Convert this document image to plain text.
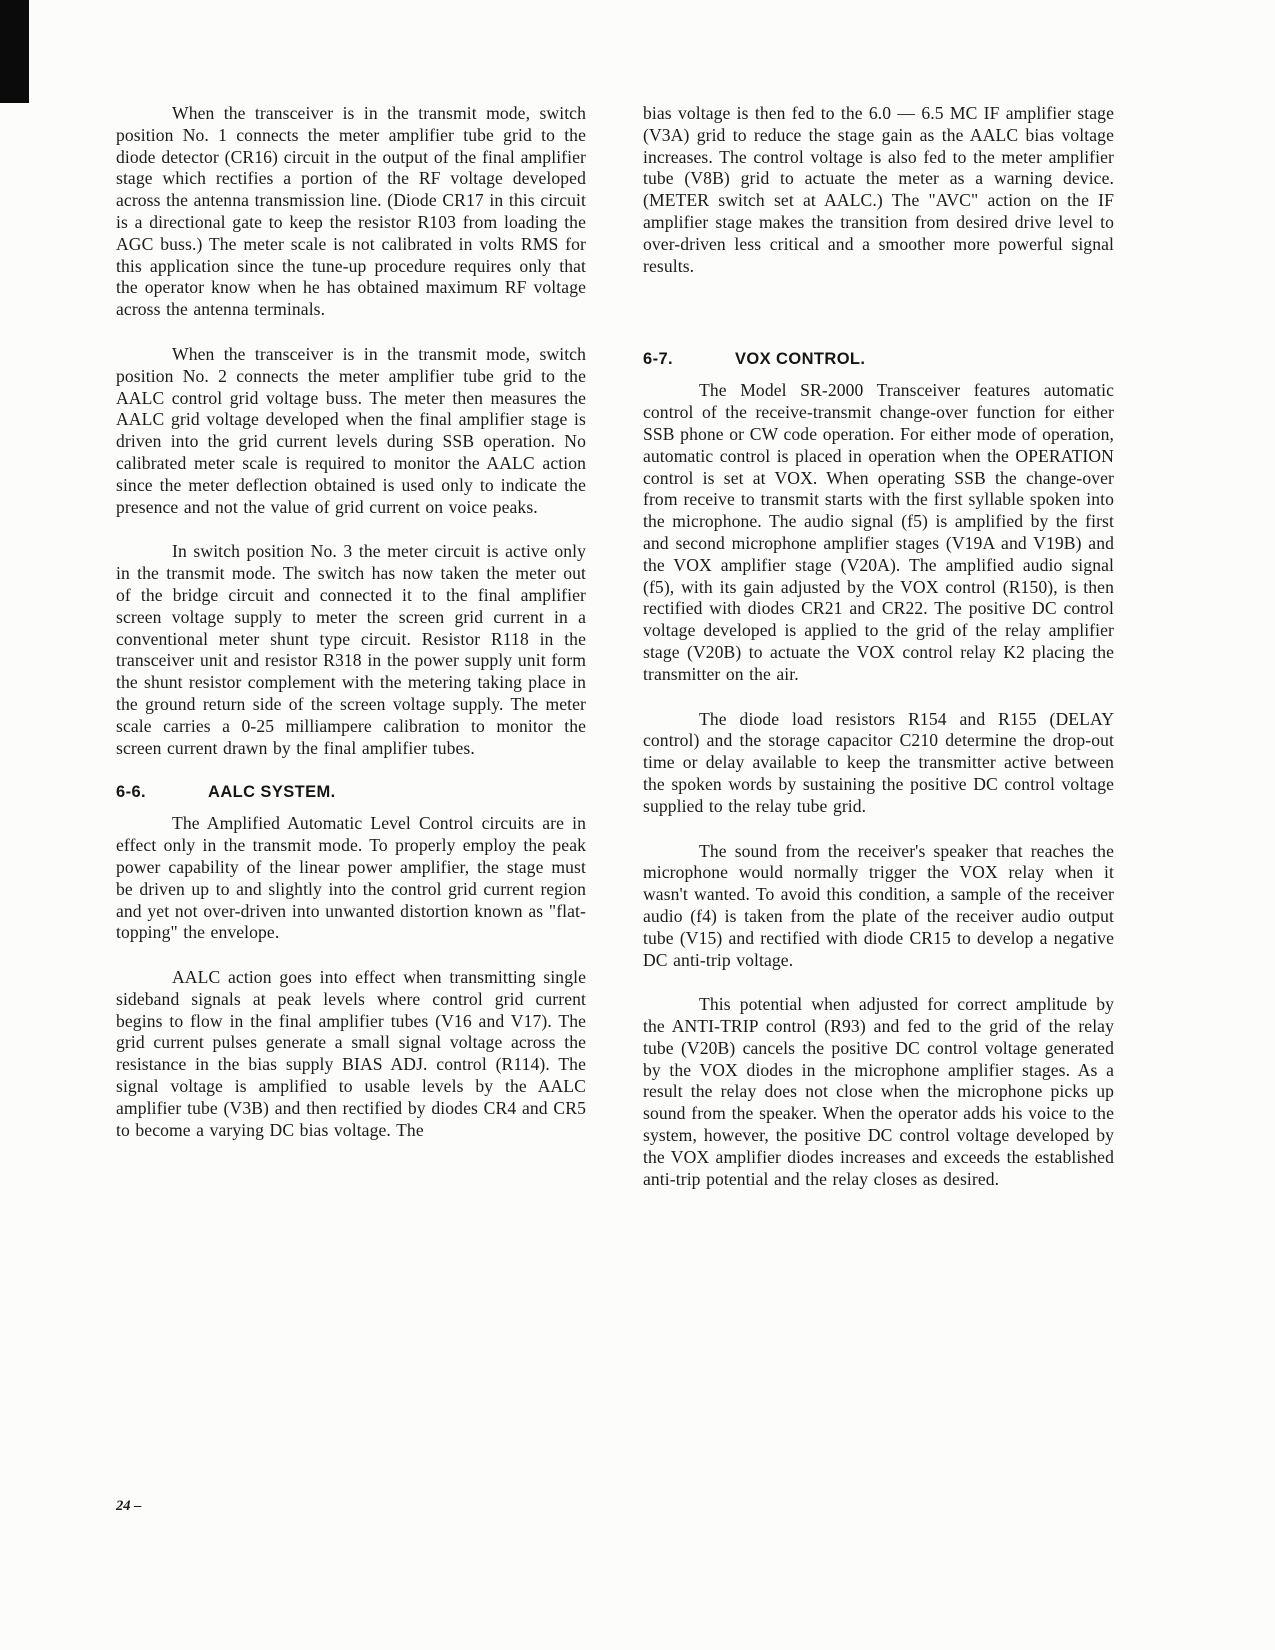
When the transceiver is in the transmit mode, switch position No. 1 connects the meter amplifier tube grid to the diode detector (CR16) circuit in the output of the final amplifier stage which rectifies a portion of the RF voltage developed across the antenna transmission line. (Diode CR17 in this circuit is a directional gate to keep the resistor R103 from loading the AGC buss.) The meter scale is not calibrated in volts RMS for this application since the tune-up procedure requires only that the operator know when he has obtained maximum RF voltage across the antenna terminals.

When the transceiver is in the transmit mode, switch position No. 2 connects the meter amplifier tube grid to the AALC control grid voltage buss. The meter then measures the AALC grid voltage developed when the final amplifier stage is driven into the grid current levels during SSB operation. No calibrated meter scale is required to monitor the AALC action since the meter deflection obtained is used only to indicate the presence and not the value of grid current on voice peaks.

In switch position No. 3 the meter circuit is active only in the transmit mode. The switch has now taken the meter out of the bridge circuit and connected it to the final amplifier screen voltage supply to meter the screen grid current in a conventional meter shunt type circuit. Resistor R118 in the transceiver unit and resistor R318 in the power supply unit form the shunt resistor complement with the metering taking place in the ground return side of the screen voltage supply. The meter scale carries a 0-25 milliampere calibration to monitor the screen current drawn by the final amplifier tubes.

6-6.	AALC SYSTEM.

The Amplified Automatic Level Control circuits are in effect only in the transmit mode. To properly employ the peak power capability of the linear power amplifier, the stage must be driven up to and slightly into the control grid current region and yet not over-driven into unwanted distortion known as "flat-topping" the envelope.

AALC action goes into effect when transmitting single sideband signals at peak levels where control grid current begins to flow in the final amplifier tubes (V16 and V17). The grid current pulses generate a small signal voltage across the resistance in the bias supply BIAS ADJ. control (R114). The signal voltage is amplified to usable levels by the AALC amplifier tube (V3B) and then rectified by diodes CR4 and CR5 to become a varying DC bias voltage. The

bias voltage is then fed to the 6.0 — 6.5 MC IF amplifier stage (V3A) grid to reduce the stage gain as the AALC bias voltage increases. The control voltage is also fed to the meter amplifier tube (V8B) grid to actuate the meter as a warning device. (METER switch set at AALC.) The "AVC" action on the IF amplifier stage makes the transition from desired drive level to over-driven less critical and a smoother more powerful signal results.

6-7.	VOX CONTROL.

The Model SR-2000 Transceiver features automatic control of the receive-transmit change-over function for either SSB phone or CW code operation. For either mode of operation, automatic control is placed in operation when the OPERATION control is set at VOX. When operating SSB the change-over from receive to transmit starts with the first syllable spoken into the microphone. The audio signal (f5) is amplified by the first and second microphone amplifier stages (V19A and V19B) and the VOX amplifier stage (V20A). The amplified audio signal (f5), with its gain adjusted by the VOX control (R150), is then rectified with diodes CR21 and CR22. The positive DC control voltage developed is applied to the grid of the relay amplifier stage (V20B) to actuate the VOX control relay K2 placing the transmitter on the air.

The diode load resistors R154 and R155 (DELAY control) and the storage capacitor C210 determine the drop-out time or delay available to keep the transmitter active between the spoken words by sustaining the positive DC control voltage supplied to the relay tube grid.

The sound from the receiver's speaker that reaches the microphone would normally trigger the VOX relay when it wasn't wanted. To avoid this condition, a sample of the receiver audio (f4) is taken from the plate of the receiver audio output tube (V15) and rectified with diode CR15 to develop a negative DC anti-trip voltage.

This potential when adjusted for correct amplitude by the ANTI-TRIP control (R93) and fed to the grid of the relay tube (V20B) cancels the positive DC control voltage generated by the VOX diodes in the microphone amplifier stages. As a result the relay does not close when the microphone picks up sound from the speaker. When the operator adds his voice to the system, however, the positive DC control voltage developed by the VOX amplifier diodes increases and exceeds the established anti-trip potential and the relay closes as desired.

24 –
